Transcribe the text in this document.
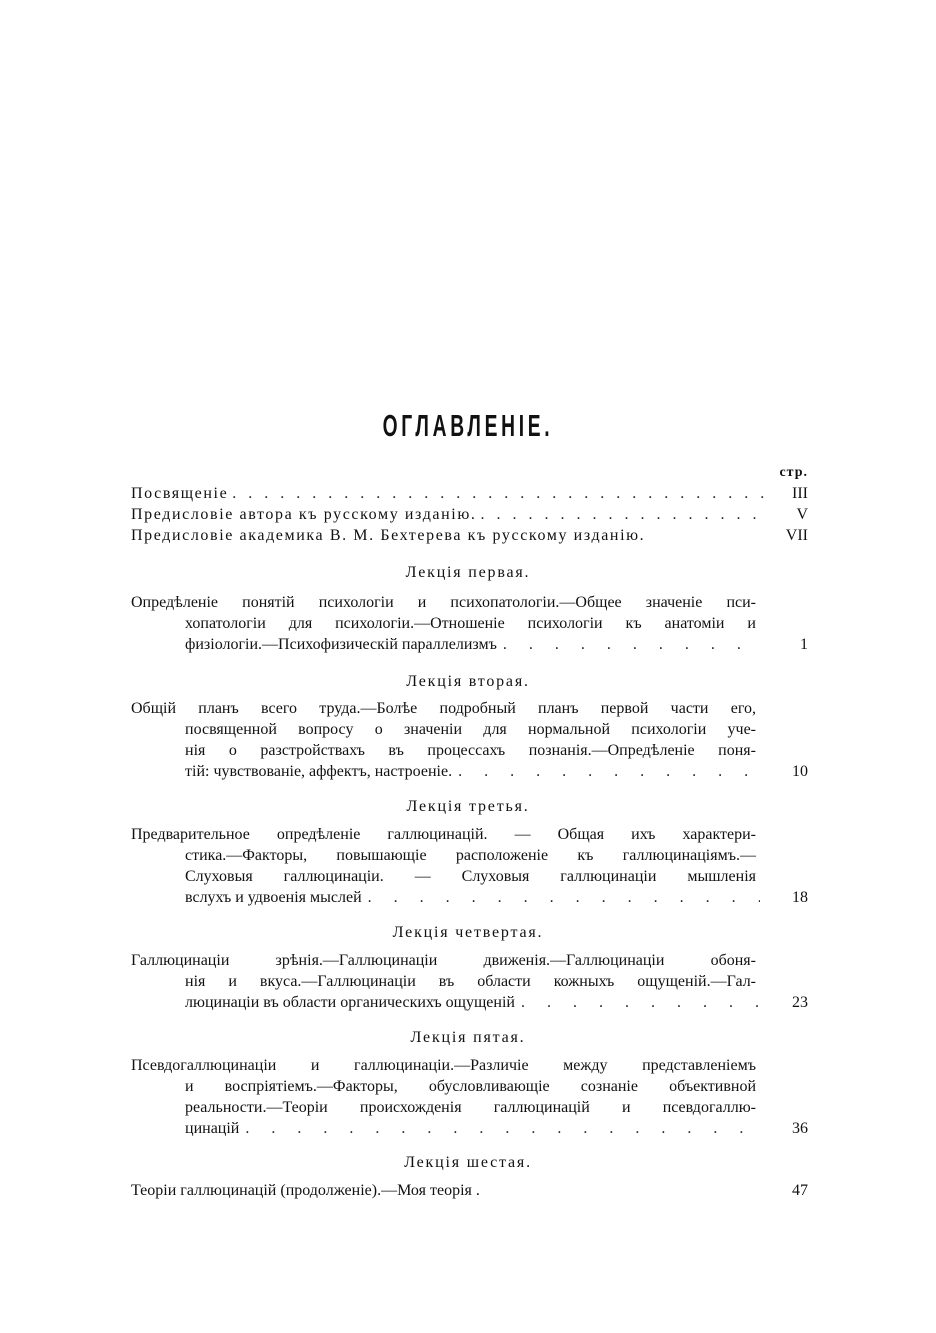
ОГЛАВЛЕНІЕ.
стр.
Посвященіе . . .	III
Предисловіе автора къ русскому изданію. . . .	V
Предисловіе академика В. М. Бехтерева къ русскому изданію.	VII
Лекція первая.
Опредѣленіе понятій психологіи и психопатологіи.—Общее значеніе пси-
хопатологіи для психологіи.—Отношеніе психологіи къ анатоміи и
физіологіи.—Психофизическій параллелизмъ . . .	1
Лекція вторая.
Общій планъ всего труда.—Болѣе подробный планъ первой части его,
посвященной вопросу о значеніи для нормальной психологіи уче-
нія о разстройствахъ въ процессахъ познанія.—Опредѣленіе поня-
тій: чувствованіе, аффектъ, настроеніе. . . .	10
Лекція третья.
Предварительное опредѣленіе галлюцинацій. — Общая ихъ характери-
стика.—Факторы, повышающіе расположеніе къ галлюцинаціямъ.—
Слуховыя галлюцинаціи. — Слуховыя галлюцинаціи мышленія
вслухъ и удвоенія мыслей . . .	18
Лекція четвертая.
Галлюцинаціи зрѣнія.—Галлюцинаціи движенія.—Галлюцинаціи обоня-
нія и вкуса.—Галлюцинаціи въ области кожныхъ ощущеній.—Гал-
люцинаціи въ области органическихъ ощущеній . . .	23
Лекція пятая.
Псевдогаллюцинаціи и галлюцинаціи.—Различіе между представленіемъ
и воспріятіемъ.—Факторы, обусловливающіе сознаніе объективной
реальности.—Теоріи происхожденія галлюцинацій и псевдогаллю-
цинацій . . .	36
Лекція шестая.
Теоріи галлюцинацій (продолженіе).—Моя теорія .	47
